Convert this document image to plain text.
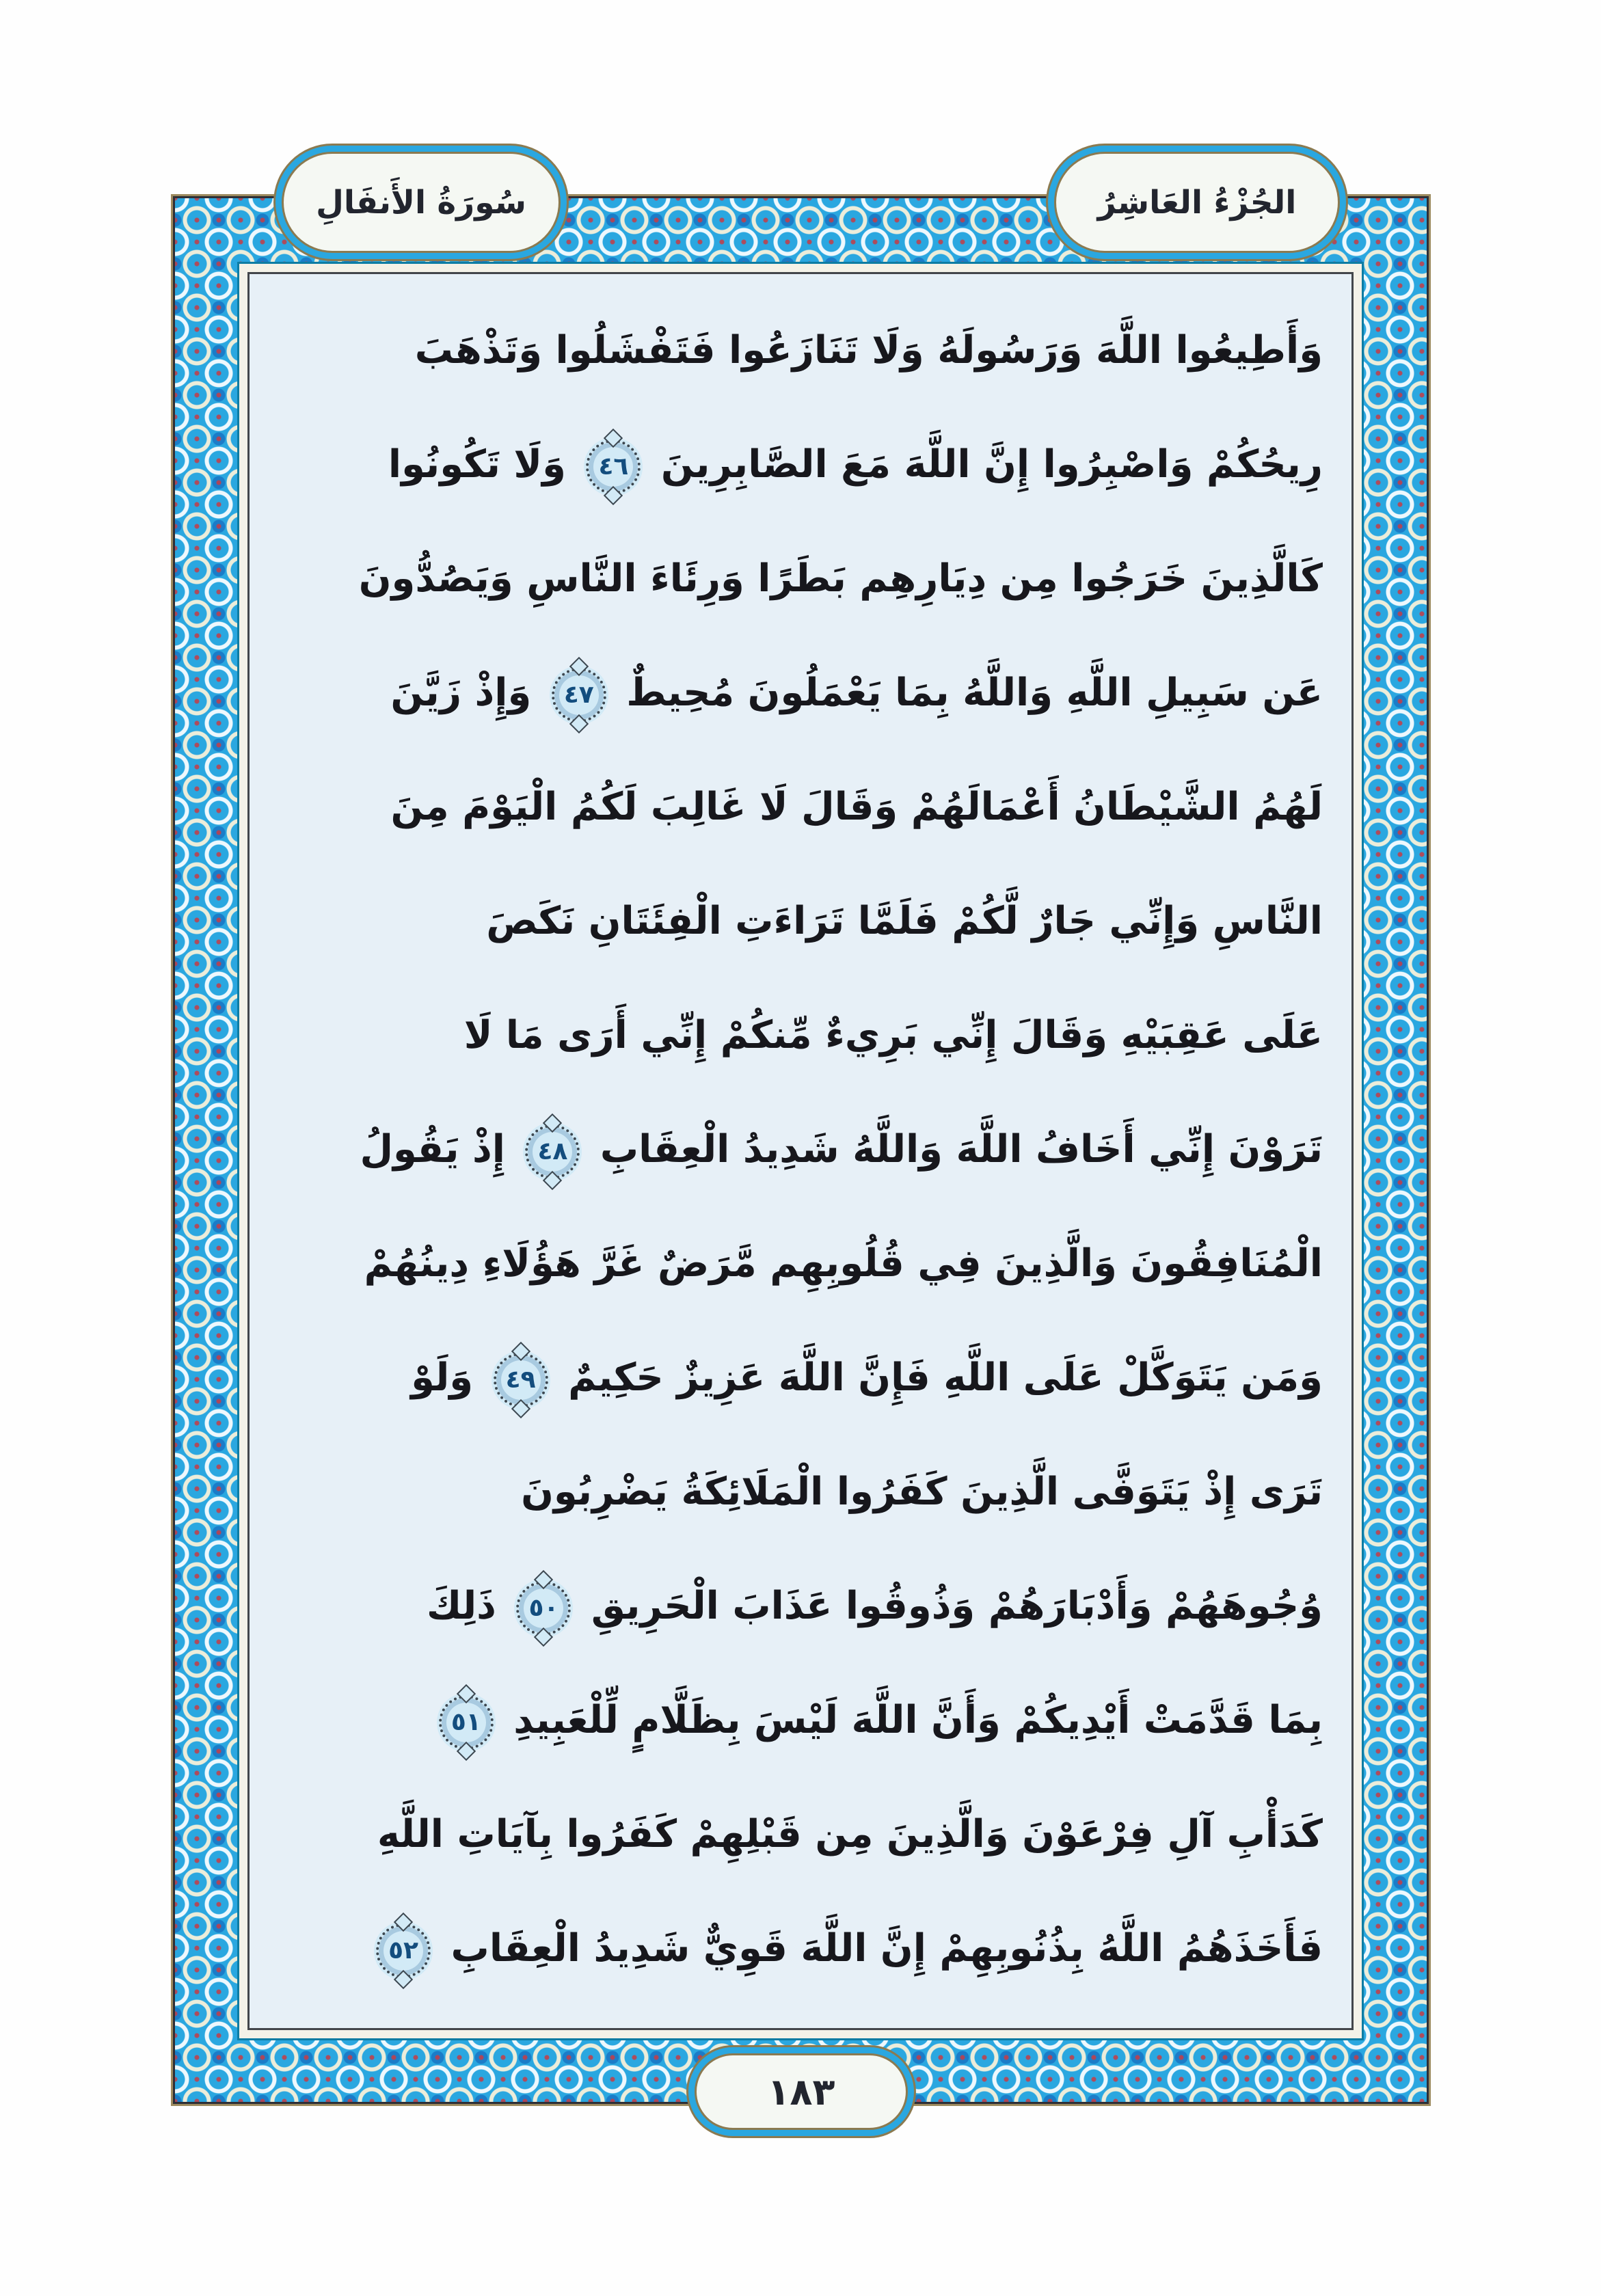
سُورَةُ الأَنفَالِ	الجُزْءُ العَاشِرُ
وَأَطِيعُوا اللَّهَ وَرَسُولَهُ وَلَا تَنَازَعُوا فَتَفْشَلُوا وَتَذْهَبَ
رِيحُكُمْ وَاصْبِرُوا إِنَّ اللَّهَ مَعَ الصَّابِرِينَ ٤٦ وَلَا تَكُونُوا
كَالَّذِينَ خَرَجُوا مِن دِيَارِهِم بَطَرًا وَرِئَاءَ النَّاسِ وَيَصُدُّونَ
عَن سَبِيلِ اللَّهِ وَاللَّهُ بِمَا يَعْمَلُونَ مُحِيطٌ ٤٧ وَإِذْ زَيَّنَ
لَهُمُ الشَّيْطَانُ أَعْمَالَهُمْ وَقَالَ لَا غَالِبَ لَكُمُ الْيَوْمَ مِنَ
النَّاسِ وَإِنِّي جَارٌ لَّكُمْ فَلَمَّا تَرَاءَتِ الْفِئَتَانِ نَكَصَ
عَلَى عَقِبَيْهِ وَقَالَ إِنِّي بَرِيءٌ مِّنكُمْ إِنِّي أَرَى مَا لَا
تَرَوْنَ إِنِّي أَخَافُ اللَّهَ وَاللَّهُ شَدِيدُ الْعِقَابِ ٤٨ إِذْ يَقُولُ
الْمُنَافِقُونَ وَالَّذِينَ فِي قُلُوبِهِم مَّرَضٌ غَرَّ هَؤُلَاءِ دِينُهُمْ
وَمَن يَتَوَكَّلْ عَلَى اللَّهِ فَإِنَّ اللَّهَ عَزِيزٌ حَكِيمٌ ٤٩ وَلَوْ
تَرَى إِذْ يَتَوَفَّى الَّذِينَ كَفَرُوا الْمَلَائِكَةُ يَضْرِبُونَ
وُجُوهَهُمْ وَأَدْبَارَهُمْ وَذُوقُوا عَذَابَ الْحَرِيقِ ٥٠ ذَلِكَ
بِمَا قَدَّمَتْ أَيْدِيكُمْ وَأَنَّ اللَّهَ لَيْسَ بِظَلَّامٍ لِّلْعَبِيدِ ٥١
كَدَأْبِ آلِ فِرْعَوْنَ وَالَّذِينَ مِن قَبْلِهِمْ كَفَرُوا بِآيَاتِ اللَّهِ
فَأَخَذَهُمُ اللَّهُ بِذُنُوبِهِمْ إِنَّ اللَّهَ قَوِيٌّ شَدِيدُ الْعِقَابِ ٥٢
١٨٣
